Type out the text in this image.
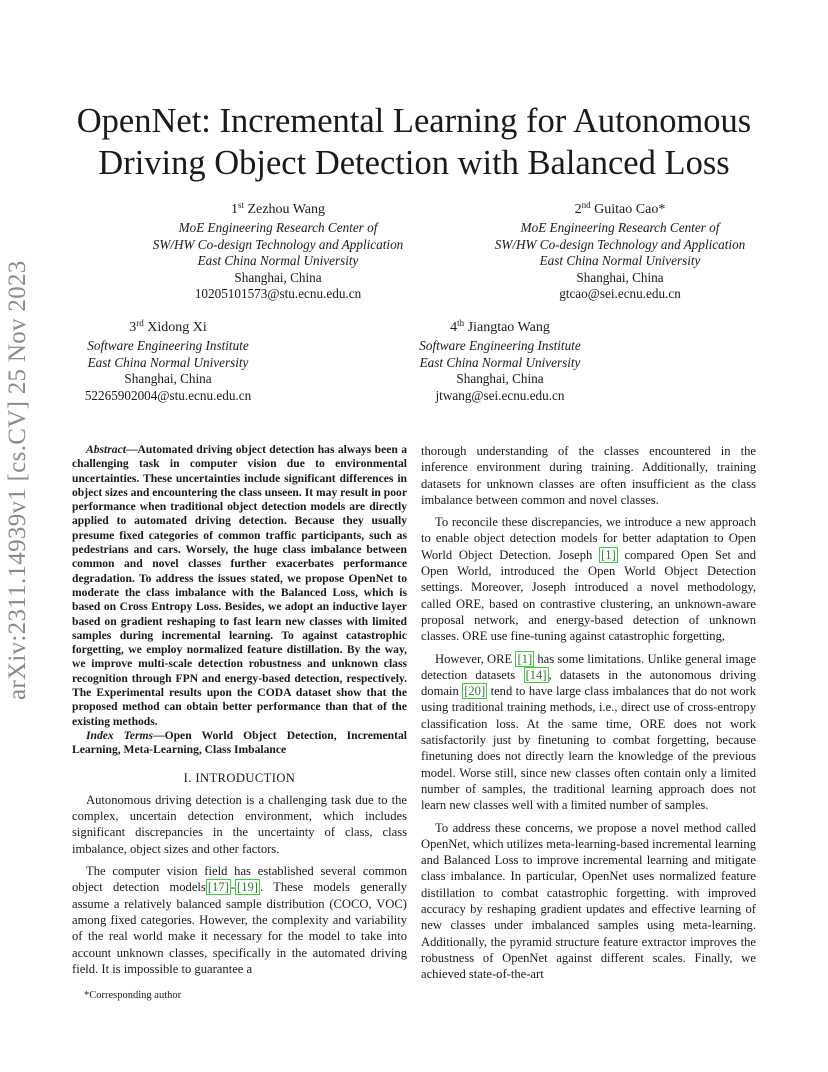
arXiv:2311.14939v1 [cs.CV] 25 Nov 2023
OpenNet: Incremental Learning for Autonomous
Driving Object Detection with Balanced Loss
1st Zezhou Wang
MoE Engineering Research Center of
SW/HW Co-design Technology and Application
East China Normal University
Shanghai, China
10205101573@stu.ecnu.edu.cn
2nd Guitao Cao*
MoE Engineering Research Center of
SW/HW Co-design Technology and Application
East China Normal University
Shanghai, China
gtcao@sei.ecnu.edu.cn
3rd Xidong Xi
Software Engineering Institute
East China Normal University
Shanghai, China
52265902004@stu.ecnu.edu.cn
4th Jiangtao Wang
Software Engineering Institute
East China Normal University
Shanghai, China
jtwang@sei.ecnu.edu.cn

Abstract—Automated driving object detection has always been a challenging task in computer vision due to environmental uncertainties. These uncertainties include significant differences in object sizes and encountering the class unseen. It may result in poor performance when traditional object detection models are directly applied to automated driving detection. Because they usually presume fixed categories of common traffic participants, such as pedestrians and cars. Worsely, the huge class imbalance between common and novel classes further exacerbates performance degradation. To address the issues stated, we propose OpenNet to moderate the class imbalance with the Balanced Loss, which is based on Cross Entropy Loss. Besides, we adopt an inductive layer based on gradient reshaping to fast learn new classes with limited samples during incremental learning. To against catastrophic forgetting, we employ normalized feature distillation. By the way, we improve multi-scale detection robustness and unknown class recognition through FPN and energy-based detection, respectively. The Experimental results upon the CODA dataset show that the proposed method can obtain better performance than that of the existing methods.

Index Terms—Open World Object Detection, Incremental Learning, Meta-Learning, Class Imbalance

I. INTRODUCTION

Autonomous driving detection is a challenging task due to the complex, uncertain detection environment, which includes significant discrepancies in the uncertainty of class, class imbalance, object sizes and other factors.

The computer vision field has established several common object detection models [17] - [19] . These models generally assume a relatively balanced sample distribution (COCO, VOC) among fixed categories. However, the complexity and variability of the real world make it necessary for the model to take into account unknown classes, specifically in the automated driving field. It is impossible to guarantee a

*Corresponding author

thorough understanding of the classes encountered in the inference environment during training. Additionally, training datasets for unknown classes are often insufficient as the class imbalance between common and novel classes.

To reconcile these discrepancies, we introduce a new approach to enable object detection models for better adaptation to Open World Object Detection. Joseph [1] compared Open Set and Open World, introduced the Open World Object Detection settings. Moreover, Joseph introduced a novel methodology, called ORE, based on contrastive clustering, an unknown-aware proposal network, and energy-based detection of unknown classes. ORE use fine-tuning against catastrophic forgetting,

However, ORE [1] has some limitations. Unlike general image detection datasets [14] , datasets in the autonomous driving domain [20] tend to have large class imbalances that do not work using traditional training methods, i.e., direct use of cross-entropy classification loss. At the same time, ORE does not work satisfactorily just by finetuning to combat forgetting, because finetuning does not directly learn the knowledge of the previous model. Worse still, since new classes often contain only a limited number of samples, the traditional learning approach does not learn new classes well with a limited number of samples.

To address these concerns, we propose a novel method called OpenNet, which utilizes meta-learning-based incremental learning and Balanced Loss to improve incremental learning and mitigate class imbalance. In particular, OpenNet uses normalized feature distillation to combat catastrophic forgetting. with improved accuracy by reshaping gradient updates and effective learning of new classes under imbalanced samples using meta-learning. Additionally, the pyramid structure feature extractor improves the robustness of OpenNet against different scales. Finally, we achieved state-of-the-art
